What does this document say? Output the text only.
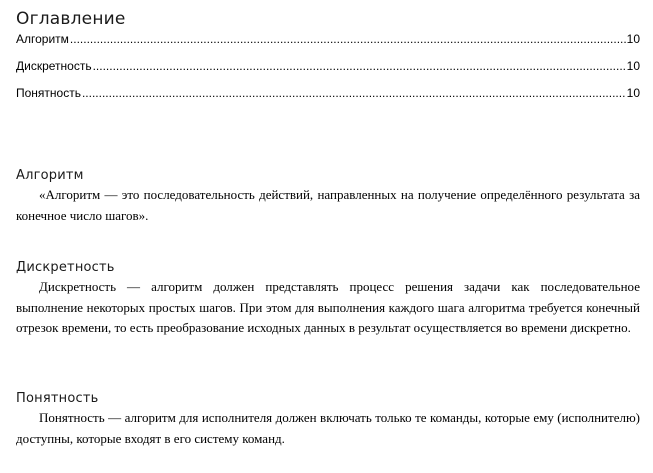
Оглавление
Алгоритм .....	10
Дискретность .....	10
Понятность .....	10
Алгоритм

«Алгоритм — это последовательность действий, направленных на получение определённого результата за конечное число шагов».

Дискретность

Дискретность — алгоритм должен представлять процесс решения задачи как последовательное выполнение некоторых простых шагов. При этом для выполнения каждого шага алгоритма требуется конечный отрезок времени, то есть преобразование исходных данных в результат осуществляется во времени дискретно.

Понятность

Понятность — алгоритм для исполнителя должен включать только те команды, которые ему (исполнителю) доступны, которые входят в его систему команд.
